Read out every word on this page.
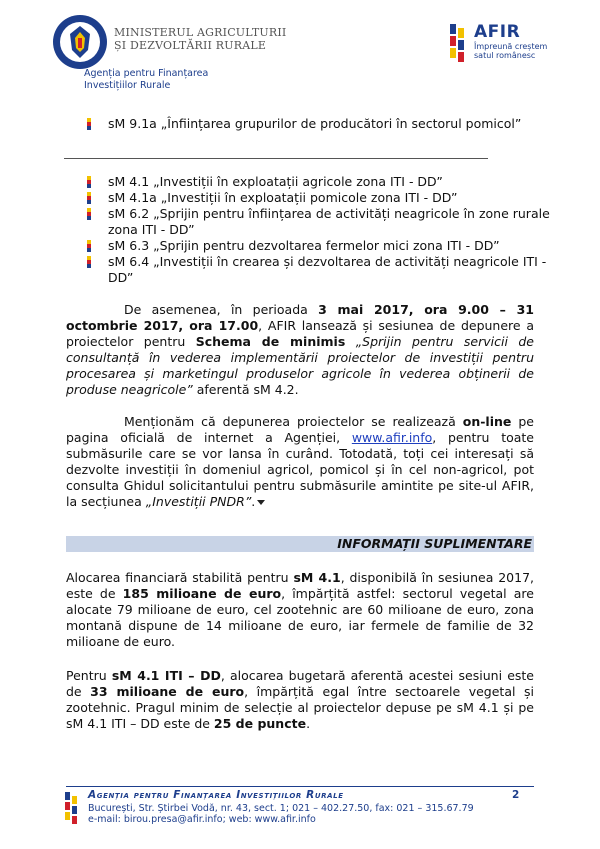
MINISTERUL AGRICULTURII
ȘI DEZVOLTĂRII RURALE
Agenția pentru Finanțarea
Investițiilor Rurale
AFIR
Împreună creștem
satul românesc
sM 9.1a „Înființarea grupurilor de producători în sectorul pomicol”
sM 4.1 „Investiții în exploatații agricole zona ITI - DD”
sM 4.1a „Investiții în exploatații pomicole zona ITI - DD”
sM 6.2 „Sprijin pentru înființarea de activități neagricole în zone rurale
zona ITI - DD”
sM 6.3 „Sprijin pentru dezvoltarea fermelor mici zona ITI - DD”
sM 6.4 „Investiții în crearea și dezvoltarea de activități neagricole ITI -
DD”

De asemenea, în perioada 3 mai 2017, ora 9.00 – 31 octombrie 2017, ora 17.00, AFIR lansează și sesiunea de depunere a proiectelor pentru Schema de minimis „Sprijin pentru servicii de consultanță în vederea implementării proiectelor de investiții pentru procesarea și marketingul produselor agricole în vederea obținerii de produse neagricole” aferentă sM 4.2.

Menționăm că depunerea proiectelor se realizează on-line pe pagina oficială de internet a Agenției, www.afir.info, pentru toate submăsurile care se vor lansa în curând. Totodată, toți cei interesați să dezvolte investiții în domeniul agricol, pomicol și în cel non-agricol, pot consulta Ghidul solicitantului pentru submăsurile amintite pe site-ul AFIR, la secțiunea „Investiții PNDR”.

INFORMAȚII SUPLIMENTARE

Alocarea financiară stabilită pentru sM 4.1, disponibilă în sesiunea 2017, este de 185 milioane de euro, împărțită astfel: sectorul vegetal are alocate 79 milioane de euro, cel zootehnic are 60 milioane de euro, zona montană dispune de 14 milioane de euro, iar fermele de familie de 32 milioane de euro.

Pentru sM 4.1 ITI – DD, alocarea bugetară aferentă acestei sesiuni este de 33 milioane de euro, împărțită egal între sectoarele vegetal și zootehnic. Pragul minim de selecție al proiectelor depuse pe sM 4.1 și pe sM 4.1 ITI – DD este de 25 de puncte.

Agenția pentru Finanțarea Investițiilor Rurale	2
București, Str. Știrbei Vodă, nr. 43, sect. 1; 021 – 402.27.50, fax: 021 – 315.67.79
e-mail: birou.presa@afir.info; web: www.afir.info
